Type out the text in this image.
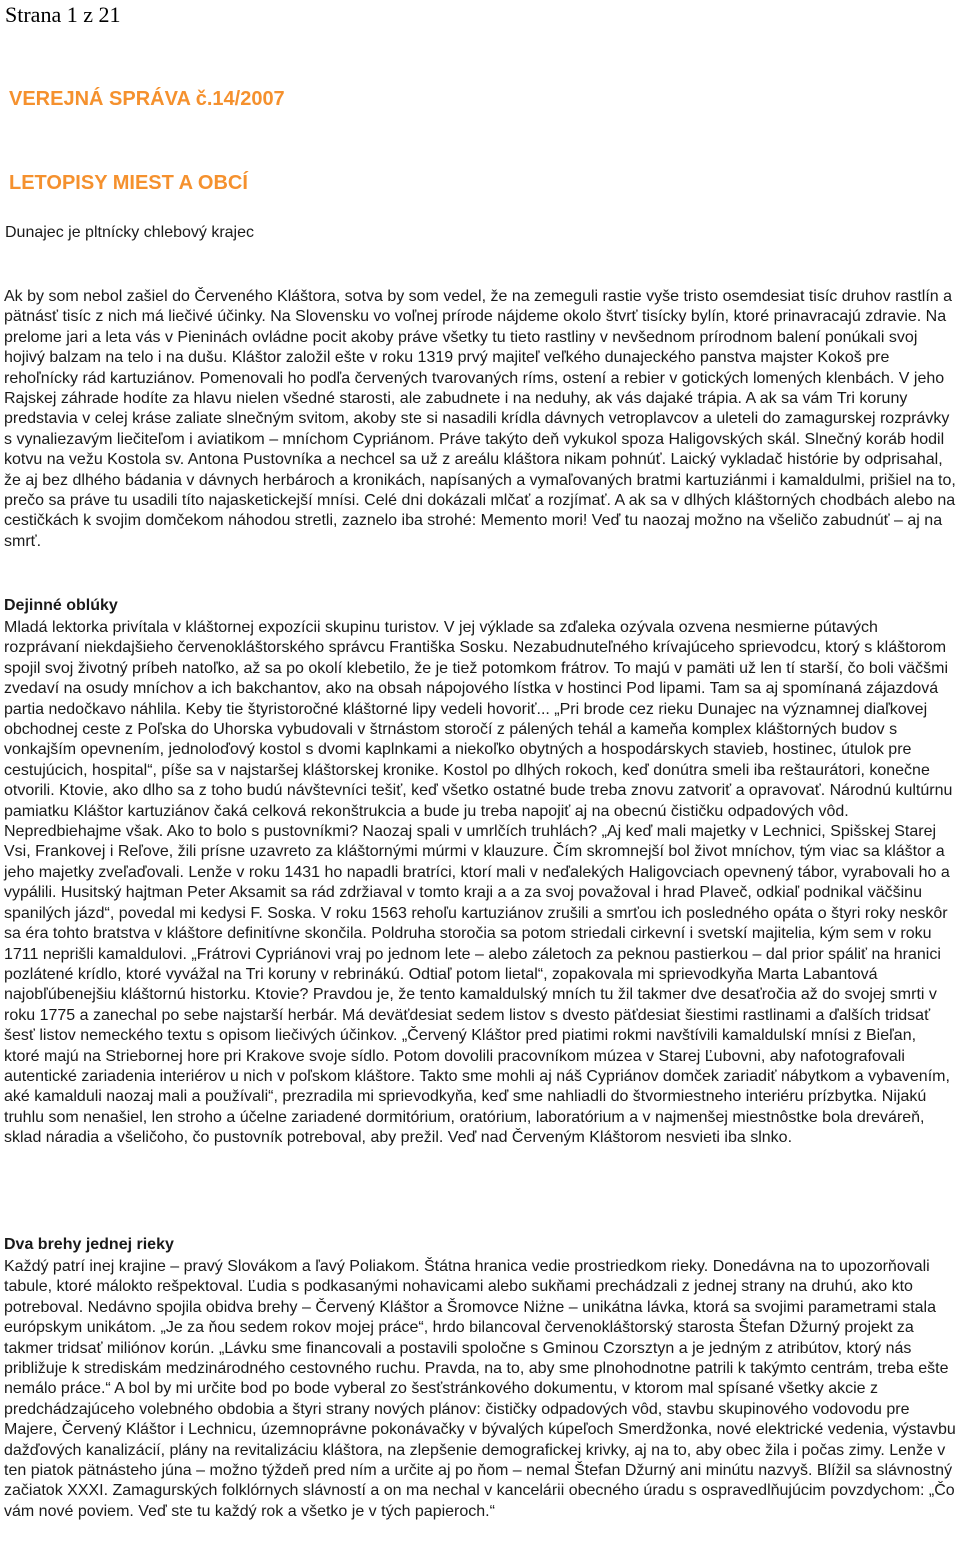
Strana 1 z 21
VEREJNÁ SPRÁVA č.14/2007
LETOPISY MIEST A OBCÍ
Dunajec je pltnícky chlebový krajec

Ak by som nebol zašiel do Červeného Kláštora, sotva by som vedel, že na zemeguli rastie vyše tristo osemdesiat tisíc druhov rastlín a pätnásť tisíc z nich má liečivé účinky. Na Slovensku vo voľnej prírode nájdeme okolo štvrť tisícky bylín, ktoré prinavracajú zdravie. Na prelome jari a leta vás v Pieninách ovládne pocit akoby práve všetky tu tieto rastliny v nevšednom prírodnom balení ponúkali svoj hojivý balzam na telo i na dušu. Kláštor založil ešte v roku 1319 prvý majiteľ veľkého dunajeckého panstva majster Kokoš pre rehoľnícky rád kartuziánov. Pomenovali ho podľa červených tvarovaných ríms, ostení a rebier v gotických lomených klenbách. V jeho Rajskej záhrade hodíte za hlavu nielen všedné starosti, ale zabudnete i na neduhy, ak vás dajaké trápia. A ak sa vám Tri koruny predstavia v celej kráse zaliate slnečným svitom, akoby ste si nasadili krídla dávnych vetroplavcov a uleteli do zamagurskej rozprávky s vynaliezavým liečiteľom i aviatikom – mníchom Cypriánom. Práve takýto deň vykukol spoza Haligovských skál. Slnečný koráb hodil kotvu na vežu Kostola sv. Antona Pustovníka a nechcel sa už z areálu kláštora nikam pohnúť. Laický vykladač histórie by odprisahal, že aj bez dlhého bádania v dávnych herbároch a kronikách, napísaných a vymaľovaných bratmi kartuziánmi i kamaldulmi, prišiel na to, prečo sa práve tu usadili títo najasketickejší mnísi. Celé dni dokázali mlčať a rozjímať. A ak sa v dlhých kláštorných chodbách alebo na cestičkách k svojim domčekom náhodou stretli, zaznelo iba strohé: Memento mori! Veď tu naozaj možno na všeličo zabudnúť – aj na smrť.

Dejinné oblúky

Mladá lektorka privítala v kláštornej expozícii skupinu turistov. V jej výklade sa zďaleka ozývala ozvena nesmierne pútavých rozprávaní niekdajšieho červenokláštorského správcu Františka Sosku. Nezabudnuteľného krívajúceho sprievodcu, ktorý s kláštorom spojil svoj životný príbeh natoľko, až sa po okolí klebetilo, že je tiež potomkom frátrov. To majú v pamäti už len tí starší, čo boli väčšmi zvedaví na osudy mníchov a ich bakchantov, ako na obsah nápojového lístka v hostinci Pod lipami. Tam sa aj spomínaná zájazdová partia nedočkavo náhlila. Keby tie štyristoročné kláštorné lipy vedeli hovoriť... „Pri brode cez rieku Dunajec na významnej diaľkovej obchodnej ceste z Poľska do Uhorska vybudovali v štrnástom storočí z pálených tehál a kameňa komplex kláštorných budov s vonkajším opevnením, jednoloďový kostol s dvomi kaplnkami a niekoľko obytných a hospodárskych stavieb, hostinec, útulok pre cestujúcich, hospital“, píše sa v najstaršej kláštorskej kronike. Kostol po dlhých rokoch, keď donútra smeli iba reštaurátori, konečne otvorili. Ktovie, ako dlho sa z toho budú návštevníci tešiť, keď všetko ostatné bude treba znovu zatvoriť a opravovať. Národnú kultúrnu pamiatku Kláštor kartuziánov čaká celková rekonštrukcia a bude ju treba napojiť aj na obecnú čističku odpadových vôd. Nepredbiehajme však. Ako to bolo s pustovníkmi? Naozaj spali v umrlčích truhlách? „Aj keď mali majetky v Lechnici, Spišskej Starej Vsi, Frankovej i Reľove, žili prísne uzavreto za kláštornými múrmi v klauzure. Čím skromnejší bol život mníchov, tým viac sa kláštor a jeho majetky zveľaďovali. Lenže v roku 1431 ho napadli bratríci, ktorí mali v neďalekých Haligovciach opevnený tábor, vyrabovali ho a vypálili. Husitský hajtman Peter Aksamit sa rád zdržiaval v tomto kraji a a za svoj považoval i hrad Plaveč, odkiaľ podnikal väčšinu spanilých jázd“, povedal mi kedysi F. Soska. V roku 1563 rehoľu kartuziánov zrušili a smrťou ich posledného opáta o štyri roky neskôr sa éra tohto bratstva v kláštore definitívne skončila. Poldruha storočia sa potom striedali cirkevní i svetskí majitelia, kým sem v roku 1711 neprišli kamaldulovi. „Frátrovi Cypriánovi vraj po jednom lete – alebo záletoch za peknou pastierkou – dal prior spáliť na hranici pozlátené krídlo, ktoré vyvážal na Tri koruny v rebrinákú. Odtiaľ potom lietal“, zopakovala mi sprievodkyňa Marta Labantová najobľúbenejšiu kláštornú historku. Ktovie? Pravdou je, že tento kamaldulský mních tu žil takmer dve desaťročia až do svojej smrti v roku 1775 a zanechal po sebe najstarší herbár. Má deväťdesiat sedem listov s dvesto päťdesiat šiestimi rastlinami a ďalších tridsať šesť listov nemeckého textu s opisom liečivých účinkov. „Červený Kláštor pred piatimi rokmi navštívili kamaldulskí mnísi z Bieľan, ktoré majú na Striebornej hore pri Krakove svoje sídlo. Potom dovolili pracovníkom múzea v Starej Ľubovni, aby nafotografovali autentické zariadenia interiérov u nich v poľskom kláštore. Takto sme mohli aj náš Cypriánov domček zariadiť nábytkom a vybavením, aké kamalduli naozaj mali a používali“, prezradila mi sprievodkyňa, keď sme nahliadli do štvormiestneho interiéru prízbytka. Nijakú truhlu som nenašiel, len stroho a účelne zariadené dormitórium, oratórium, laboratórium a v najmenšej miestnôstke bola dreváreň, sklad náradia a všeličoho, čo pustovník potreboval, aby prežil. Veď nad Červeným Kláštorom nesvieti iba slnko.

Dva brehy jednej rieky

Každý patrí inej krajine – pravý Slovákom a ľavý Poliakom. Štátna hranica vedie prostriedkom rieky. Donedávna na to upozorňovali tabule, ktoré málokto rešpektoval. Ľudia s podkasanými nohavicami alebo sukňami prechádzali z jednej strany na druhú, ako kto potreboval. Nedávno spojila obidva brehy – Červený Kláštor a Šromovce Niżne – unikátna lávka, ktorá sa svojimi parametrami stala európskym unikátom. „Je za ňou sedem rokov mojej práce“, hrdo bilancoval červenokláštorský starosta Štefan Džurný projekt za takmer tridsať miliónov korún. „Lávku sme financovali a postavili spoločne s Gminou Czorsztyn a je jedným z atribútov, ktorý nás približuje k strediskám medzinárodného cestovného ruchu. Pravda, na to, aby sme plnohodnotne patrili k takýmto centrám, treba ešte nemálo práce.“ A bol by mi určite bod po bode vyberal zo šesťstránkového dokumentu, v ktorom mal spísané všetky akcie z predchádzajúceho volebného obdobia a štyri strany nových plánov: čističky odpadových vôd, stavbu skupinového vodovodu pre Majere, Červený Kláštor i Lechnicu, územnoprávne pokonávačky v bývalých kúpeľoch Smerdžonka, nové elektrické vedenia, výstavbu dažďových kanalizácií, plány na revitalizáciu kláštora, na zlepšenie demografickej krivky, aj na to, aby obec žila i počas zimy. Lenže v ten piatok pätnásteho júna – možno týždeň pred ním a určite aj po ňom – nemal Štefan Džurný ani minútu nazvyš. Blížil sa slávnostný začiatok XXXI. Zamagurských folklórnych slávností a on ma nechal v kancelárii obecného úradu s ospravedlňujúcim povzdychom: „Čo vám nové poviem. Veď ste tu každý rok a všetko je v tých papieroch.“
